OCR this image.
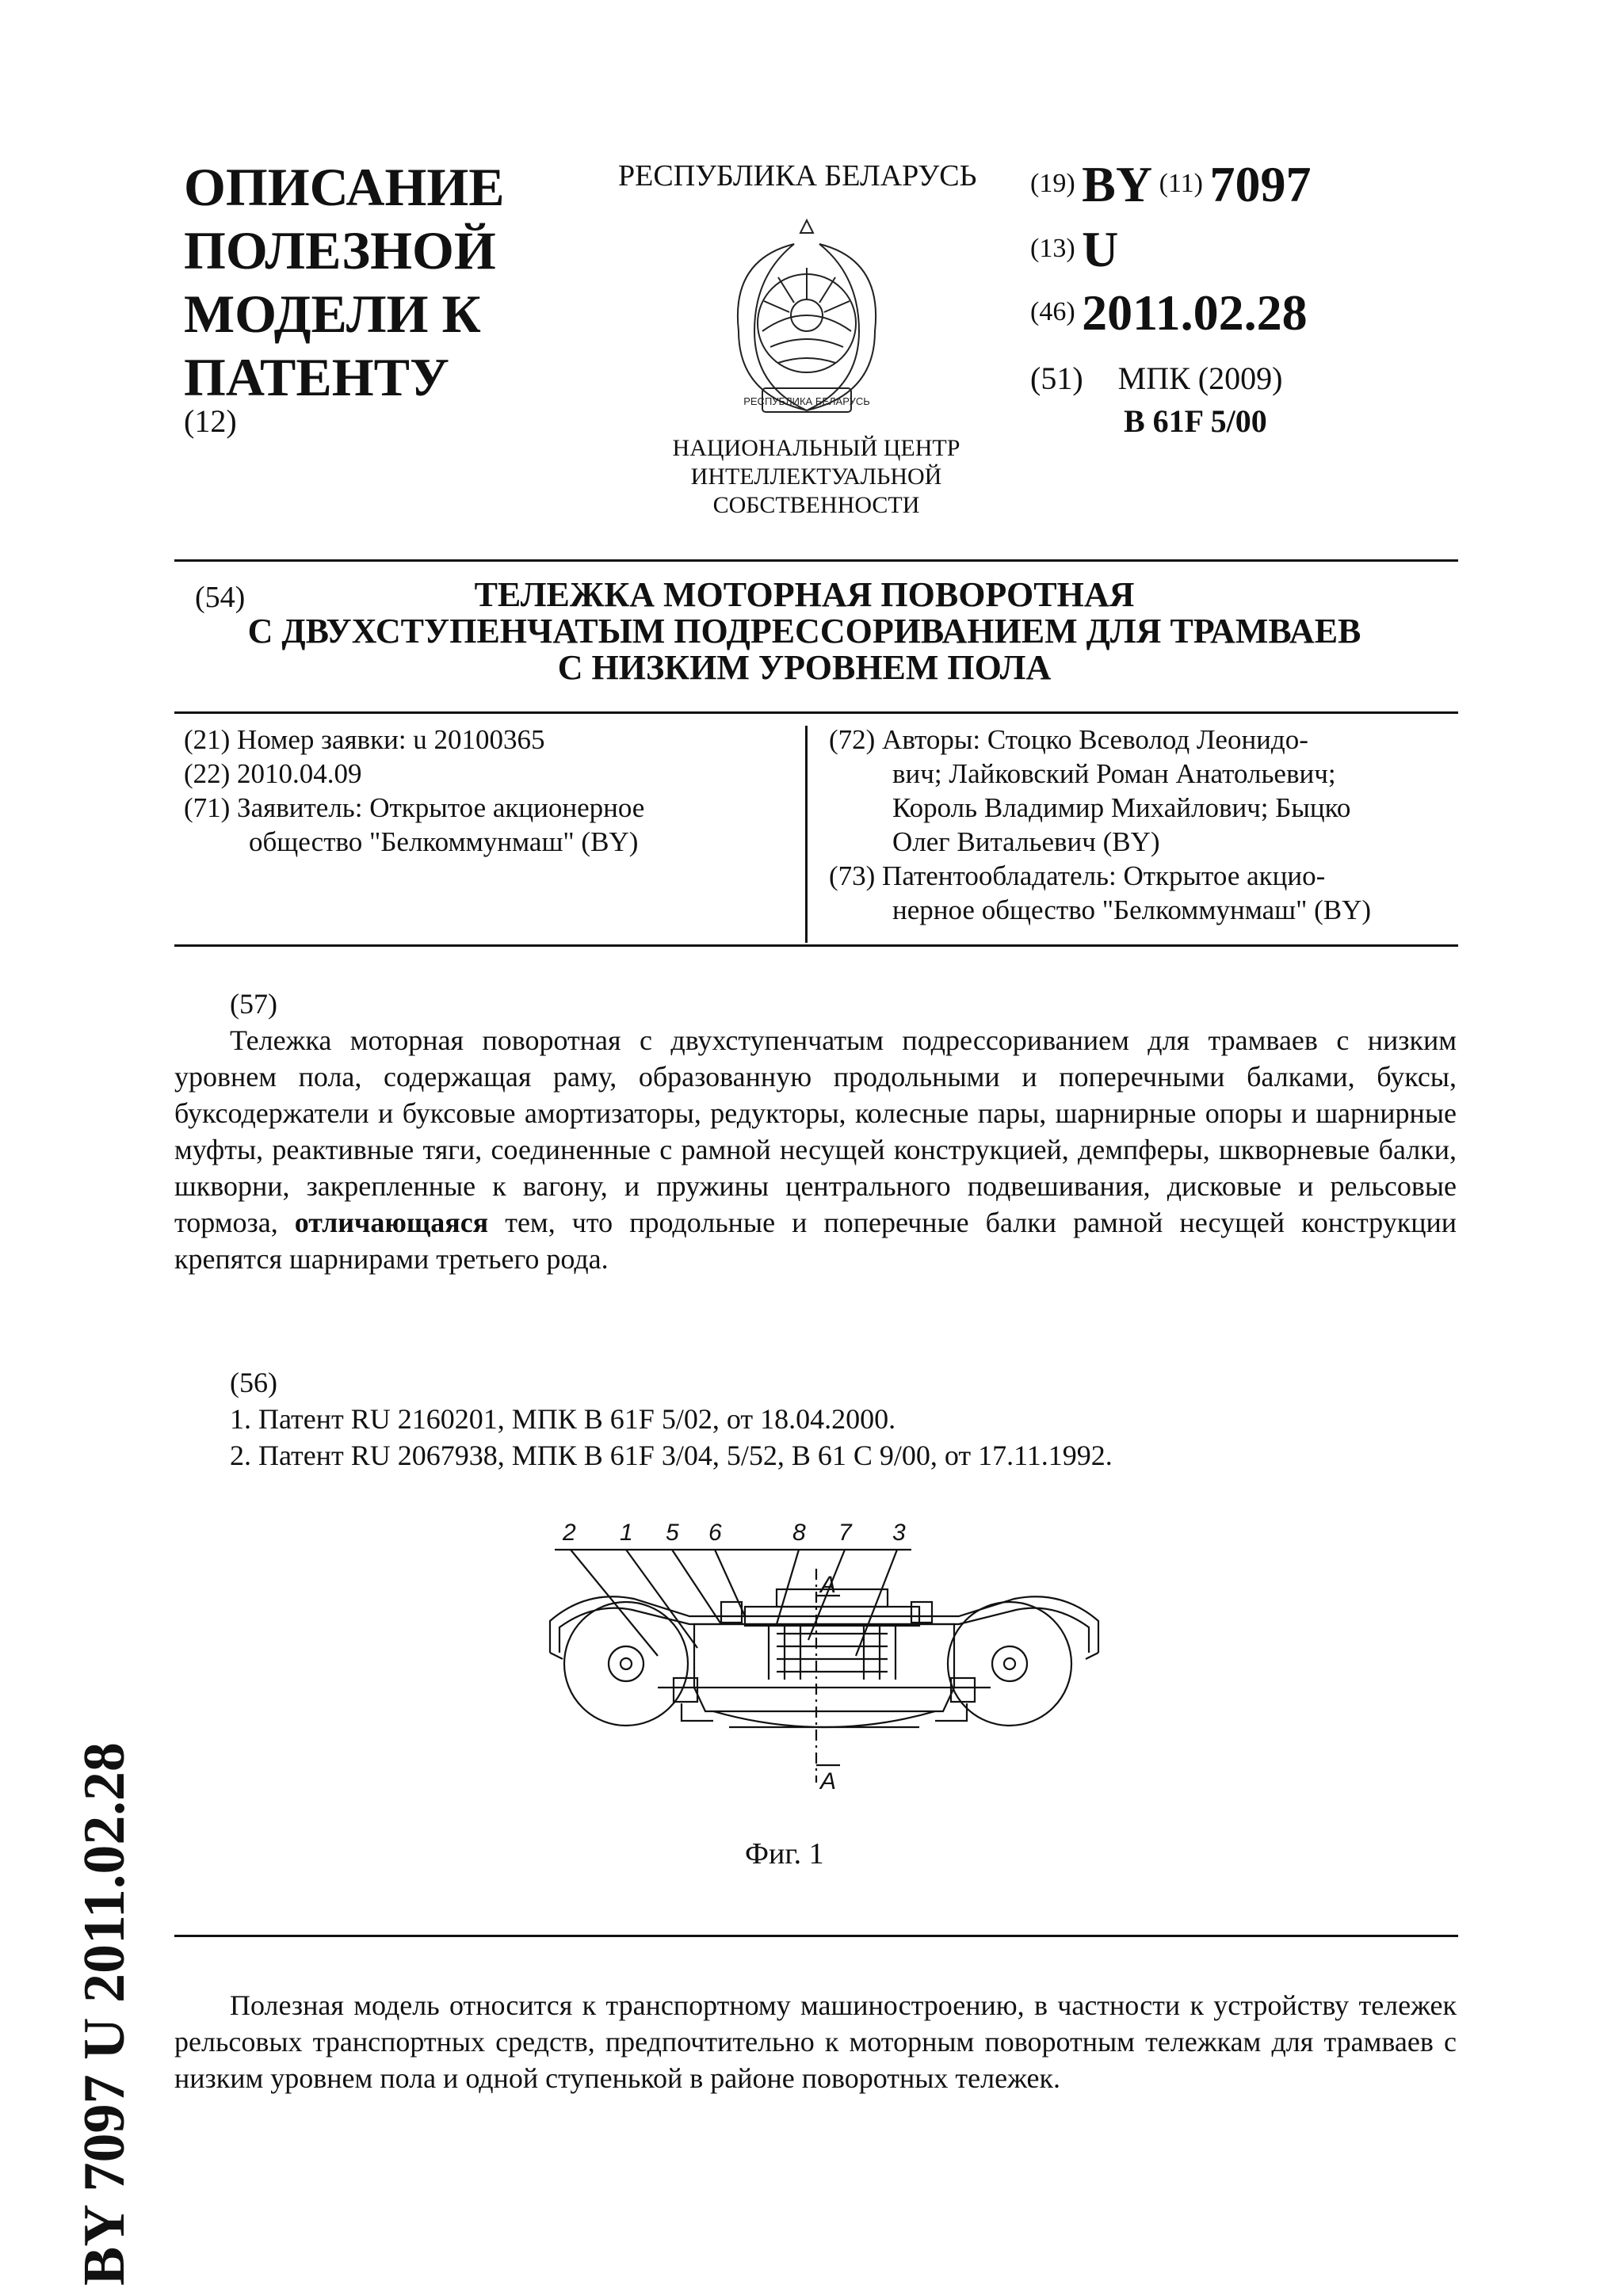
ОПИСАНИЕ
ПОЛЕЗНОЙ
МОДЕЛИ К
ПАТЕНТУ
(12)
РЕСПУБЛИКА БЕЛАРУСЬ
РЕСПУБЛИКА БЕЛАРУСЬ
НАЦИОНАЛЬНЫЙ ЦЕНТР
ИНТЕЛЛЕКТУАЛЬНОЙ
СОБСТВЕННОСТИ
(19) BY (11) 7097
(13) U
(46) 2011.02.28
(51) МПК (2009)
B 61F 5/00
(54)	ТЕЛЕЖКА МОТОРНАЯ ПОВОРОТНАЯ
С ДВУХСТУПЕНЧАТЫМ ПОДРЕССОРИВАНИЕМ ДЛЯ ТРАМВАЕВ
С НИЗКИМ УРОВНЕМ ПОЛА
(21) Номер заявки: u 20100365
(22) 2010.04.09
(71) Заявитель: Открытое акционерное
общество "Белкоммунмаш" (BY)
(72) Авторы: Стоцко Всеволод Леонидо-
вич; Лайковский Роман Анатольевич;
Король Владимир Михайлович; Быцко
Олег Витальевич (BY)
(73) Патентообладатель: Открытое акцио-
нерное общество "Белкоммунмаш" (BY)
(57)
Тележка моторная поворотная с двухступенчатым подрессориванием для трамваев с низким уровнем пола, содержащая раму, образованную продольными и поперечными балками, буксы, буксодержатели и буксовые амортизаторы, редукторы, колесные пары, шарнирные опоры и шарнирные муфты, реактивные тяги, соединенные с рамной несущей конструкцией, демпферы, шкворневые балки, шкворни, закрепленные к вагону, и пружины центрального подвешивания, дисковые и рельсовые тормоза, отличающаяся тем, что продольные и поперечные балки рамной несущей конструкции крепятся шарнирами третьего рода.
(56)
1. Патент RU 2160201, МПК B 61F 5/02, от 18.04.2000.
2. Патент RU 2067938, МПК B 61F 3/04, 5/52, B 61 C 9/00, от 17.11.1992.
2 1 5 6	8 7 3
А
А
Фиг. 1
Полезная модель относится к транспортному машиностроению, в частности к устройству тележек рельсовых транспортных средств, предпочтительно к моторным поворотным тележкам для трамваев с низким уровнем пола и одной ступенькой в районе поворотных тележек.
BY 7097 U 2011.02.28
